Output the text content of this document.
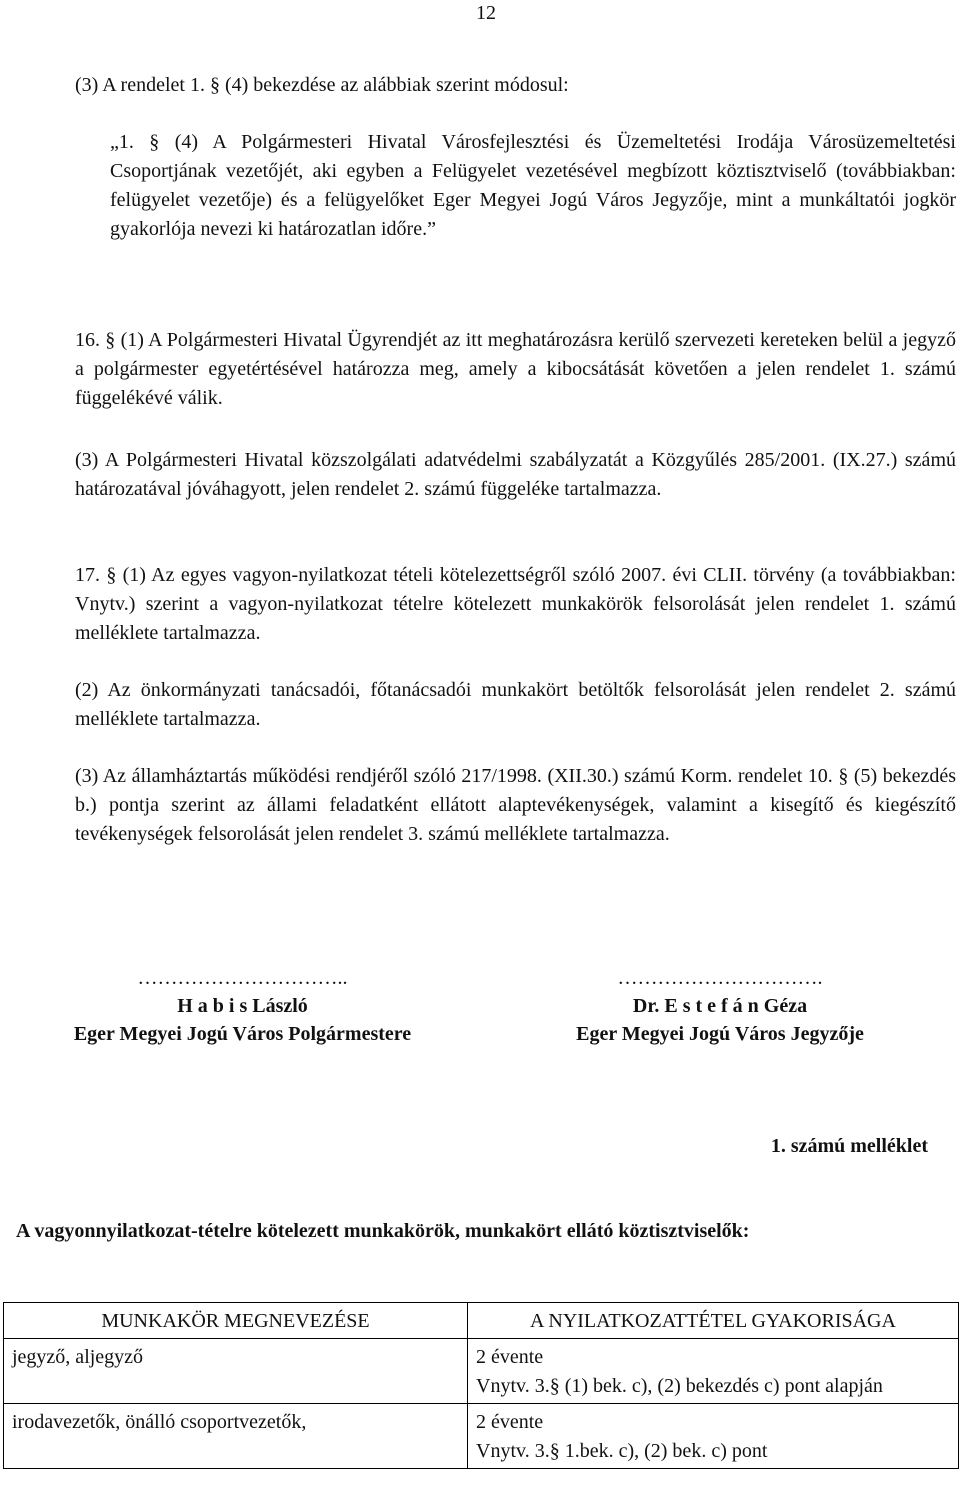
12

(3) A rendelet 1. § (4) bekezdése az alábbiak szerint módosul:

„1. § (4) A Polgármesteri Hivatal Városfejlesztési és Üzemeltetési Irodája Városüzemeltetési Csoportjának vezetőjét, aki egyben a Felügyelet vezetésével megbízott köztisztviselő (továbbiakban: felügyelet vezetője) és a felügyelőket Eger Megyei Jogú Város Jegyzője, mint a munkáltatói jogkör gyakorlója nevezi ki határozatlan időre.”

16. § (1) A Polgármesteri Hivatal Ügyrendjét az itt meghatározásra kerülő szervezeti kereteken belül a jegyző a polgármester egyetértésével határozza meg, amely a kibocsátását követően a jelen rendelet 1. számú függelékévé válik.

(3) A Polgármesteri Hivatal közszolgálati adatvédelmi szabályzatát a Közgyűlés 285/2001. (IX.27.) számú határozatával jóváhagyott, jelen rendelet 2. számú függeléke tartalmazza.

17. § (1) Az egyes vagyon-nyilatkozat tételi kötelezettségről szóló 2007. évi CLII. törvény (a továbbiakban: Vnytv.) szerint a vagyon-nyilatkozat tételre kötelezett munkakörök felsorolását jelen rendelet 1. számú melléklete tartalmazza.

(2) Az önkormányzati tanácsadói, főtanácsadói munkakört betöltők felsorolását jelen rendelet 2. számú melléklete tartalmazza.

(3) Az államháztartás működési rendjéről szóló 217/1998. (XII.30.) számú Korm. rendelet 10. § (5) bekezdés b.) pontja szerint az állami feladatként ellátott alaptevékenységek, valamint a kisegítő és kiegészítő tevékenységek felsorolását jelen rendelet 3. számú melléklete tartalmazza.

…………………………..
H a b i s László
Eger Megyei Jogú Város Polgármestere
………………………….
Dr. E s t e f á n Géza
Eger Megyei Jogú Város Jegyzője
1. számú melléklet
A vagyonnyilatkozat-tételre kötelezett munkakörök, munkakört ellátó köztisztviselők:
MUNKAKÖR MEGNEVEZÉSE	A NYILATKOZATTÉTEL GYAKORISÁGA
jegyző, aljegyző	2 évente
Vnytv. 3.§ (1) bek. c), (2) bekezdés c) pont alapján
irodavezetők, önálló csoportvezetők,	2 évente
Vnytv. 3.§ 1.bek. c), (2) bek. c) pont
